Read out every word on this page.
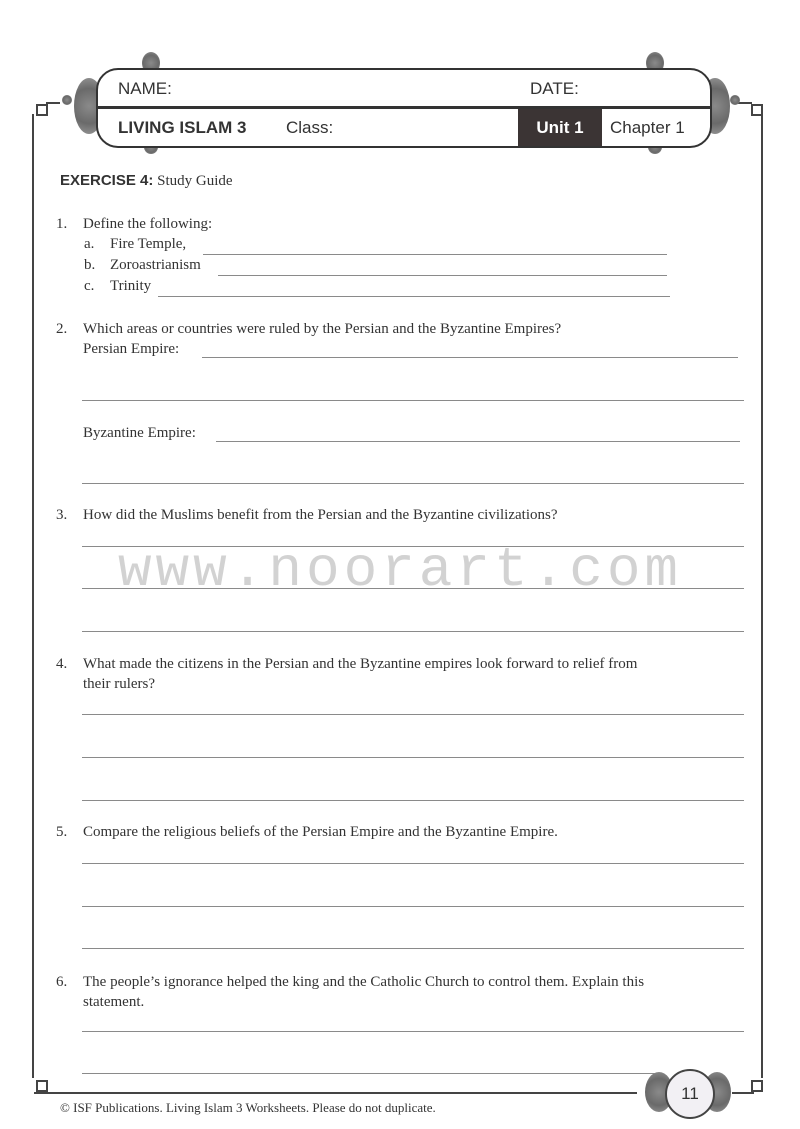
NAME:	DATE:
LIVING ISLAM 3 Class:	Unit 1	Chapter 1
EXERCISE 4: Study Guide
1. Define the following:
a. Fire Temple,
b. Zoroastrianism
c. Trinity
2. Which areas or countries were ruled by the Persian and the Byzantine Empires?
Persian Empire:
Byzantine Empire:
3. How did the Muslims benefit from the Persian and the Byzantine civilizations?
4. What made the citizens in the Persian and the Byzantine empires look forward to relief from
their rulers?
5. Compare the religious beliefs of the Persian Empire and the Byzantine Empire.
6. The people’s ignorance helped the king and the Catholic Church to control them. Explain this
statement.
www.noorart.com
11
© ISF Publications. Living Islam 3 Worksheets. Please do not duplicate.
